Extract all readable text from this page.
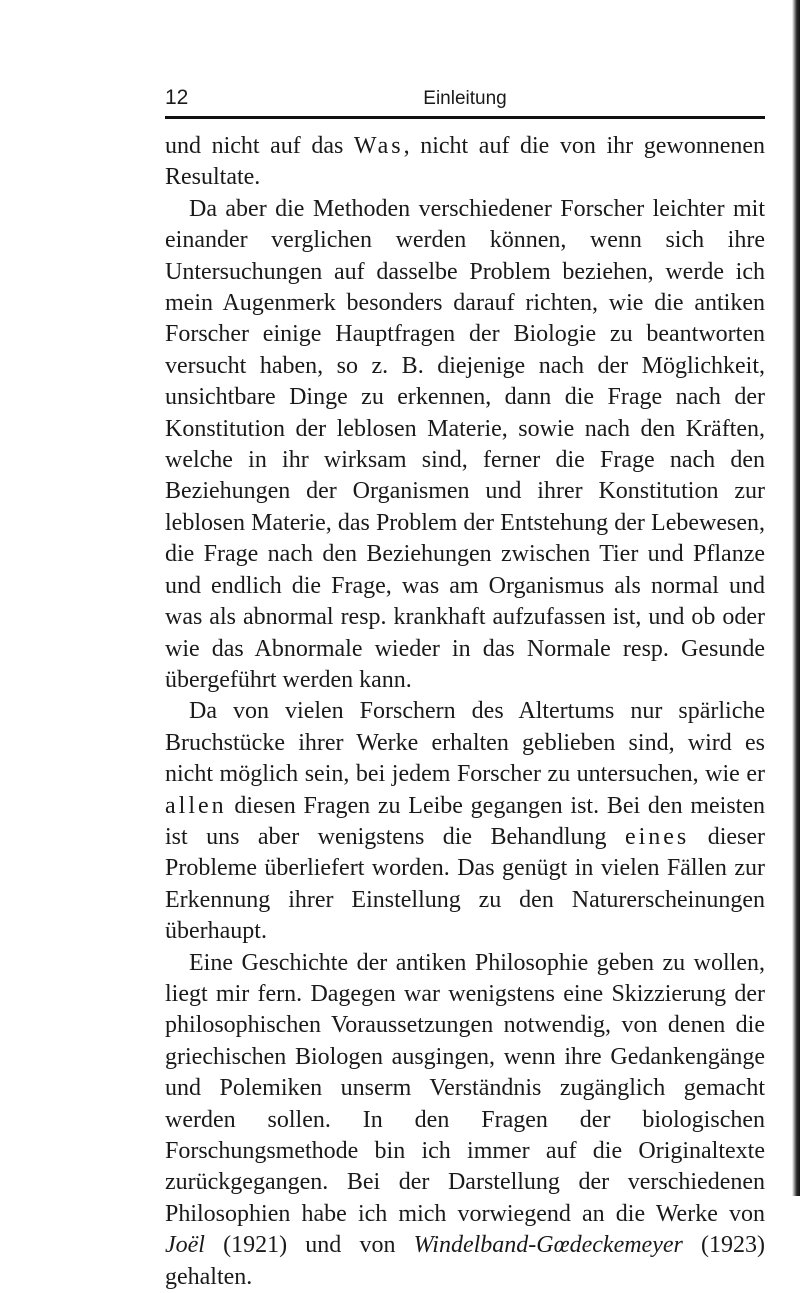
12	Einleitung

und nicht auf das Was, nicht auf die von ihr gewonnenen Resultate.

Da aber die Methoden verschiedener Forscher leichter mit einander verglichen werden können, wenn sich ihre Untersuchungen auf dasselbe Problem beziehen, werde ich mein Augenmerk besonders darauf richten, wie die antiken Forscher einige Hauptfragen der Biologie zu beantworten versucht haben, so z. B. diejenige nach der Möglichkeit, unsichtbare Dinge zu erkennen, dann die Frage nach der Konstitution der leblosen Materie, sowie nach den Kräften, welche in ihr wirksam sind, ferner die Frage nach den Beziehungen der Organismen und ihrer Konstitution zur leblosen Materie, das Problem der Entstehung der Lebewesen, die Frage nach den Beziehungen zwischen Tier und Pflanze und endlich die Frage, was am Organismus als normal und was als abnormal resp. krankhaft aufzufassen ist, und ob oder wie das Abnormale wieder in das Normale resp. Gesunde übergeführt werden kann.

Da von vielen Forschern des Altertums nur spärliche Bruchstücke ihrer Werke erhalten geblieben sind, wird es nicht möglich sein, bei jedem Forscher zu untersuchen, wie er allen diesen Fragen zu Leibe gegangen ist. Bei den meisten ist uns aber wenigstens die Behandlung eines dieser Probleme überliefert worden. Das genügt in vielen Fällen zur Erkennung ihrer Einstellung zu den Naturerscheinungen überhaupt.

Eine Geschichte der antiken Philosophie geben zu wollen, liegt mir fern. Dagegen war wenigstens eine Skizzierung der philosophischen Voraussetzungen notwendig, von denen die griechischen Biologen ausgingen, wenn ihre Gedankengänge und Polemiken unserm Verständnis zugänglich gemacht werden sollen. In den Fragen der biologischen Forschungsmethode bin ich immer auf die Originaltexte zurückgegangen. Bei der Darstellung der verschiedenen Philosophien habe ich mich vorwiegend an die Werke von Joël (1921) und von Windelband-Gœdeckemeyer (1923) gehalten.
